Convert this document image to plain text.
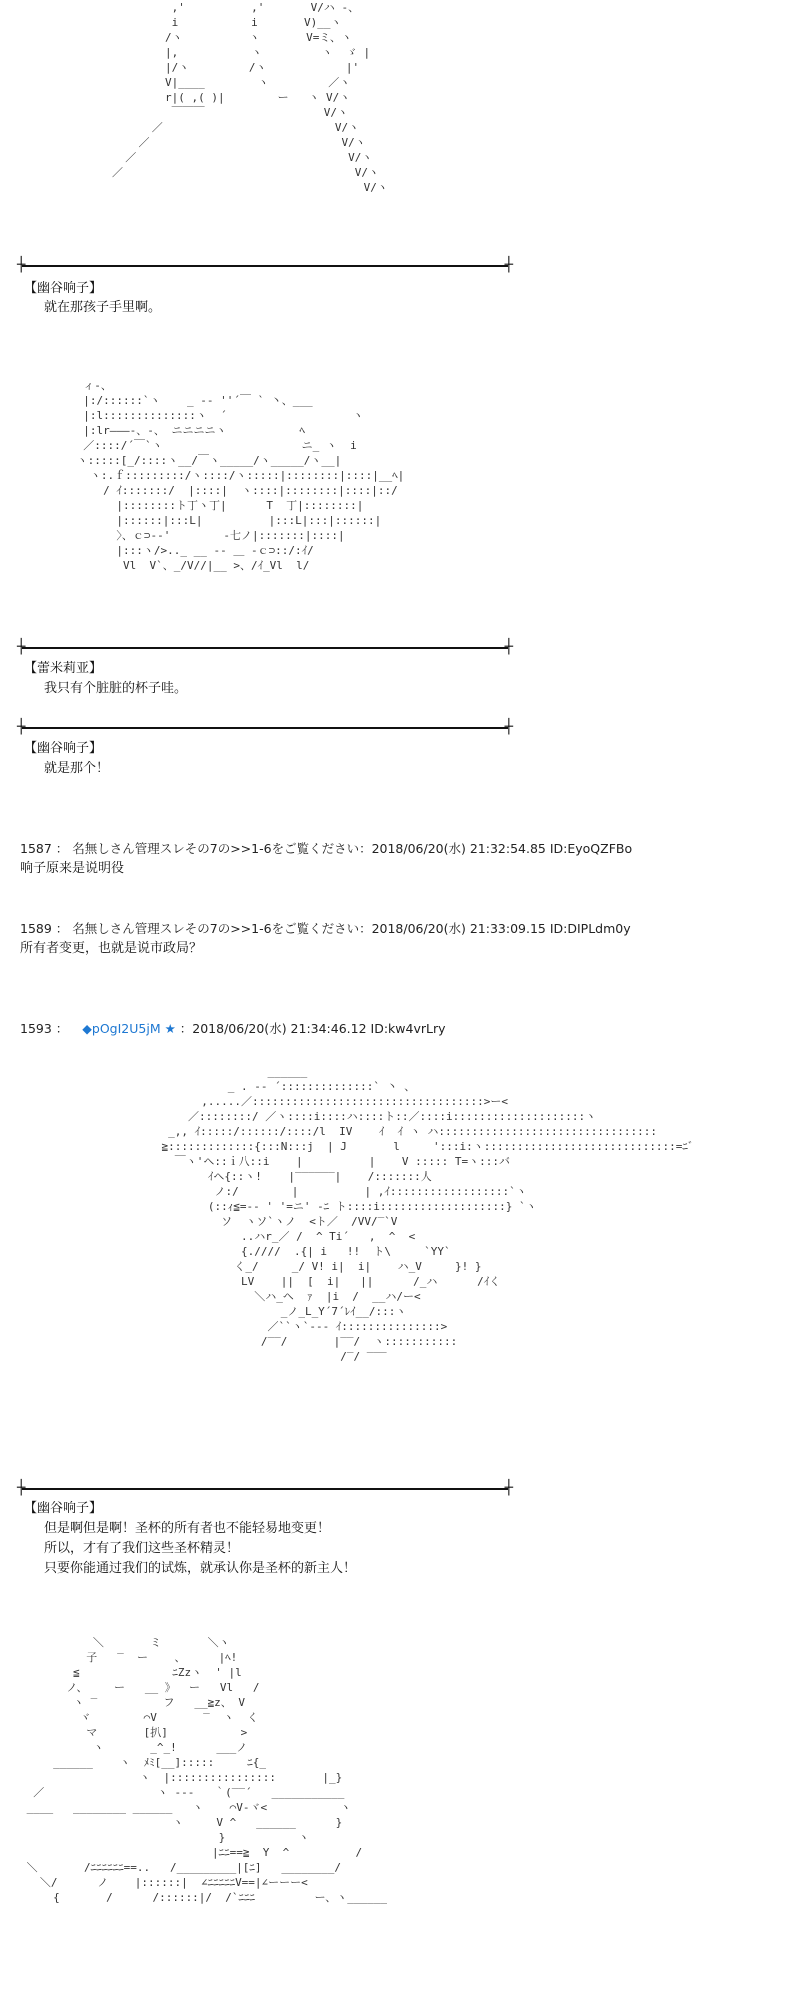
,'          ,'       V/ハ -、
i           i       V)__ヽ
/ヽ          ヽ       V=ミ、ヽ
|,           ヽ         ヽ  ゞ |
|/ヽ         /ヽ            |'
V|____        ヽ         ／ヽ
r|( ,( )|        ー   ヽ V/ヽ
￣￣￣                  V/ヽ
／                          V/ヽ
／                             V/ヽ
／                                V/ヽ
／                                   V/ヽ
V/ヽ
┼	┼
【幽谷响子】
就在那孩子手里啊。
ィ‐、
|:/::::::`ヽ    _ -‐ ''´￣ ` 丶、___
|:l::::::::::::::ヽ  ´                   ヽ
|:lr―――-、-、 ニニニニヽ           ﾍ
／::::/´￣`ヽ                     ニ_ ヽ  i
ヽ:::::[_/::::ヽ__/￣ヽ_____/ヽ_____/ヽ__|
ヽ:.ｆ:::::::::/ヽ::::/ヽ:::::|::::::::|::::|__ﾍ|
/ ｲ:::::::/  |::::|  ヽ::::|::::::::|::::|::/
|::::::::ト丁ヽ丁|      T  丁|::::::::|
|::::::|:::L|          |:::L|:::|::::::|
〉、ｃ⊃-‐'        ‐七ノ|:::::::|::::|
|:::ヽ/>.._ __ -‐ ＿ ‐ｃ⊃::/:ｲ/
Vl  V`、_/V//|__ >、/ｲ_Vl  l/
┼	┼
【蕾米莉亚】
我只有个脏脏的杯子哇。
┼	┼
【幽谷响子】
就是那个！
1587 ： 名無しさん管理スレその7の>>1-6をご覧ください：2018/06/20(水) 21:32:54.85 ID:EyoQZFBo
响子原来是说明役
1589 ： 名無しさん管理スレその7の>>1-6をご覧ください：2018/06/20(水) 21:33:09.15 ID:DIPLdm0y
所有者变更，也就是说市政局？
1593 ： ◆pOgI2U5jM ★ ：2018/06/20(水) 21:34:46.12 ID:kw4vrLry
______
_ . -‐ ´::::::::::::::` 丶 、
,.....／:::::::::::::::::::::::::::::::::::>ー<
／::::::::/ ／ヽ::::i::::ハ::::ト::／::::i::::::::::::::::::::ヽ
_,, ｲ:::::/::::::/::::/l  IV    ｲ  ｲ ヽ ハ:::::::::::::::::::::::::::::::::
≧:::::::::::::{:::N:::j  | J       l     ':::i:ヽ:::::::::::::::::::::::::::::=ﾆ゛
￣ヽ'ヘ::ｉ八::i    |          |    V ::::: T=ヽ:::バ
ｲヘ{::ヽ!    |‾‾‾‾‾‾|    /:::::::人
ノ:/        |          | ,ｲ::::::::::::::::::`ヽ
(::ｨ≦=-‐ ' '=ニ' ‐ﾆ ト::::i:::::::::::::::::::} `ヽ
ソ  ヽソ`ヽノ  <ト／  /VV/‾`V
..ハr_／ /  ^ Ti´   ,  ^  <
{.////  .{| i   !!  ト\     `YY`
く_/     _/ V! i|  i|    ハ_V     }! }
LV    ||  [  i|   ||      /_ハ      /ｲく
＼ハ_ヘ  ｧ  |i  /  __ハ/ー<
_ノ_L_Y´7´ﾚｲ__/:::ヽ
／``ヽ`‐-‐ ｲ:::::::::::::::>
/‾‾/       |‾‾/  ヽ:::::::::::
/‾/ ‾‾‾
┼	┼
【幽谷响子】
但是啊但是啊！圣杯的所有者也不能轻易地变更！
所以，才有了我们这些圣杯精灵！
只要你能通过我们的试炼，就承认你是圣杯的新主人！
＼       ミ       ＼ヽ
子   ‾  ー    、     |ﾍ!
≦              ﾆZzヽ  ' |l
ノ、    ー   __ 》  ー   Vl   /
ヽ ‾          フ   __≧z、 V
ヾ        ⌒V       ‾  ヽ  く
マ       [扒]           >
ヽ       _^_!      ___ノ
______    ヽ  ﾒﾐ[__]:::::     ﾆ{_
ヽ  |::::::::::::::::       |_}
／                 ヽ ‐‐‐   ｀(‾‾´   ___________
____   ________ ______   ヽ    ⌒V‐ヾ<           ヽ
ヽ     V ^   ______      }
}           ヽ
|ﾆﾆ==≧  Y  ^          /
＼       /ﾆﾆﾆﾆﾆﾆ==..   /_________|[ﾆ]   ________/
＼/      ノ    |::::::|  ∠ﾆﾆﾆﾆﾆV==|∠ーーー<
{       /      /::::::|/  /`ﾆﾆﾆ         ー、ヽ______
